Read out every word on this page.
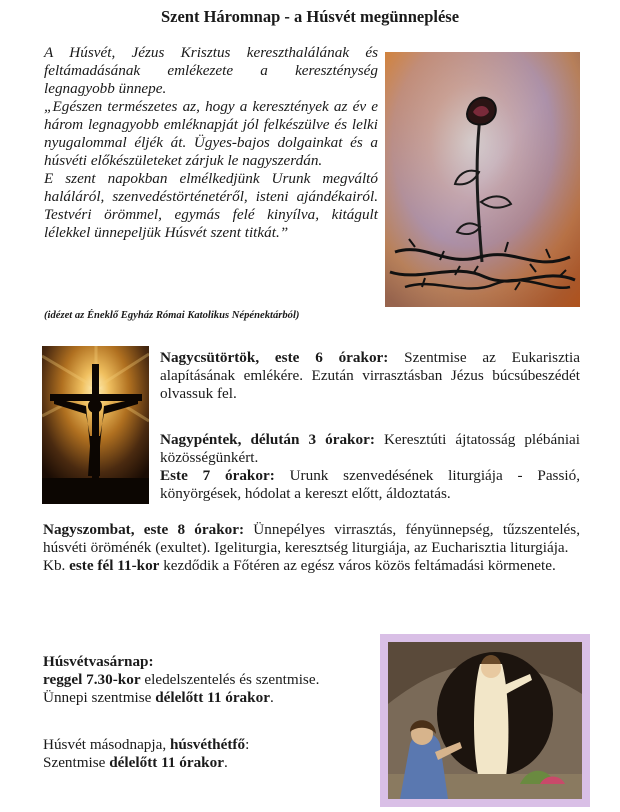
Szent Háromnap - a Húsvét megünneplése

A Húsvét, Jézus Krisztus kereszthalálának és feltámadásának emlékezete a kereszténység legnagyobb ünnepe.

„Egészen természetes az, hogy a keresztények az év e három legnagyobb emléknapját jól felkészülve és lelki nyugalommal éljék át. Ügyes-bajos dolgainkat és a húsvéti előkészületeket zárjuk le nagyszerdán.

E szent napokban elmélkedjünk Urunk megváltó haláláról, szenvedéstörténetéről, isteni ajándékairól. Testvéri örömmel, egymás felé kinyílva, kitágult lélekkel ünnepeljük Húsvét szent titkát.”

(idézet az Éneklő Egyház Római Katolikus Népénektárból)
Nagycsütörtök, este 6 órakor: Szentmise az Eukarisztia alapításának emlékére. Ezután virrasztásban Jézus búcsúbeszédét olvassuk fel.

Nagypéntek, délután 3 órakor: Keresztúti ájtatosság plébániai közösségünkért.

Este 7 órakor: Urunk szenvedésének liturgiája - Passió, könyörgések, hódolat a kereszt előtt, áldoztatás.

Nagyszombat, este 8 órakor: Ünnepélyes virrasztás, fényünnepség, tűzszentelés, húsvéti öröménék (exultet). Igeliturgia, keresztség liturgiája, az Eucharisztia liturgiája.

Kb. este fél 11-kor kezdődik a Főtéren az egész város közös feltámadási körmenete.

Húsvétvasárnap:

reggel 7.30-kor eledelszentelés és szentmise.

Ünnepi szentmise délelőtt 11 órakor.

Húsvét másodnapja, húsvéthétfő:

Szentmise délelőtt 11 órakor.
